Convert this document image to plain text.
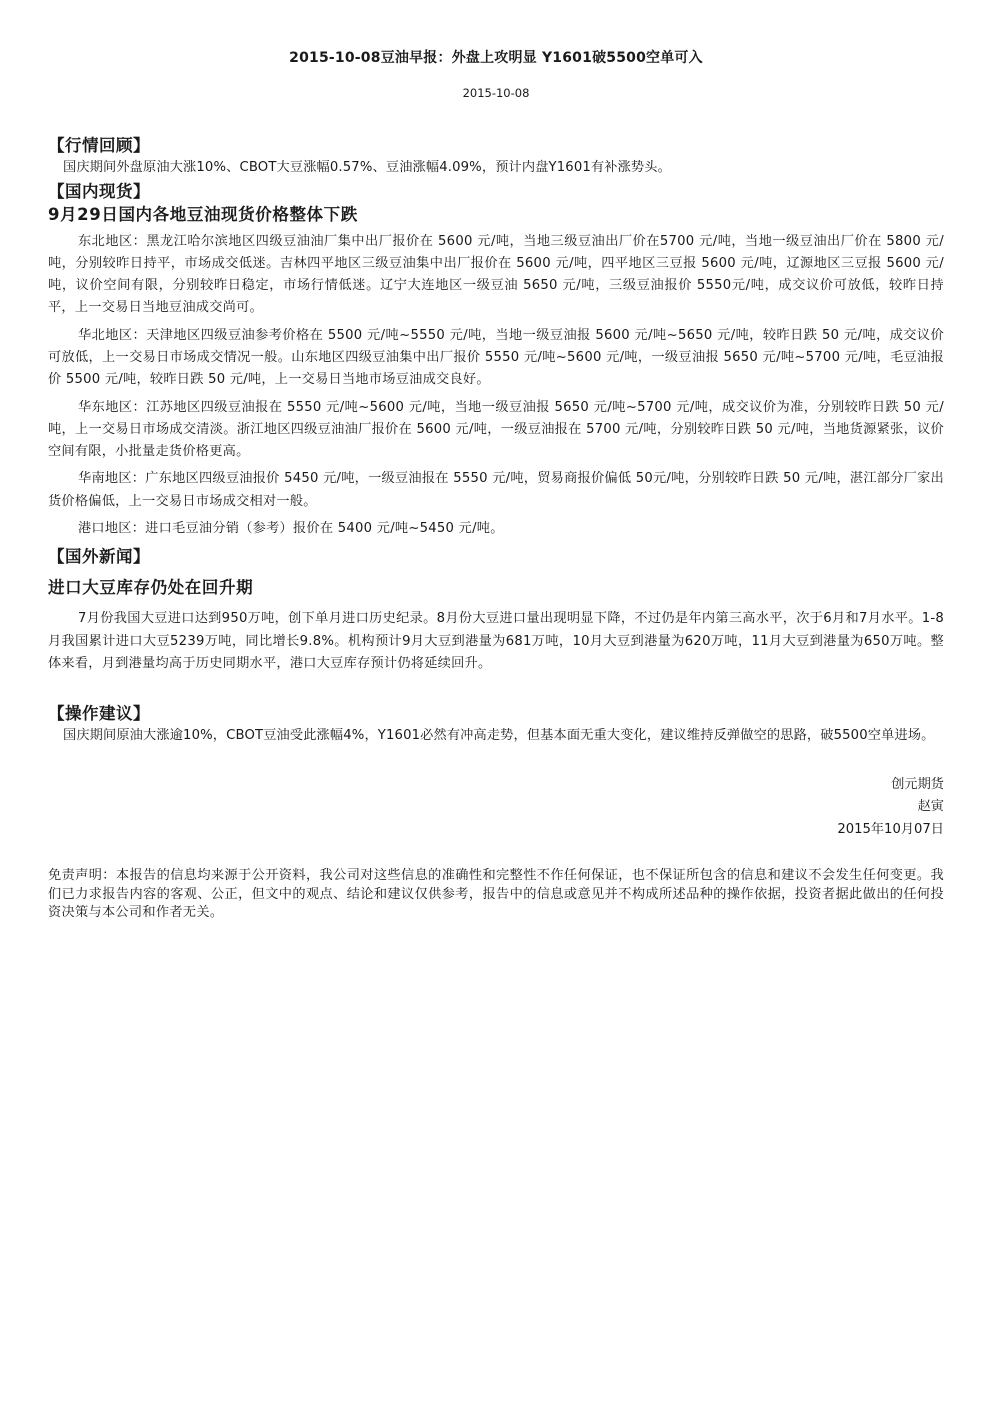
2015-10-08豆油早报：外盘上攻明显 Y1601破5500空单可入
2015-10-08
【行情回顾】

国庆期间外盘原油大涨10%、CBOT大豆涨幅0.57%、豆油涨幅4.09%，预计内盘Y1601有补涨势头。

【国内现货】
9月29日国内各地豆油现货价格整体下跌

东北地区：黑龙江哈尔滨地区四级豆油油厂集中出厂报价在 5600 元/吨，当地三级豆油出厂价在5700 元/吨，当地一级豆油出厂价在 5800 元/吨，分别较昨日持平，市场成交低迷。吉林四平地区三级豆油集中出厂报价在 5600 元/吨，四平地区三豆报 5600 元/吨，辽源地区三豆报 5600 元/吨，议价空间有限，分别较昨日稳定，市场行情低迷。辽宁大连地区一级豆油 5650 元/吨，三级豆油报价 5550元/吨，成交议价可放低，较昨日持平，上一交易日当地豆油成交尚可。

华北地区：天津地区四级豆油参考价格在 5500 元/吨~5550 元/吨，当地一级豆油报 5600 元/吨~5650 元/吨，较昨日跌 50 元/吨，成交议价可放低，上一交易日市场成交情况一般。山东地区四级豆油集中出厂报价 5550 元/吨~5600 元/吨，一级豆油报 5650 元/吨~5700 元/吨，毛豆油报价 5500 元/吨，较昨日跌 50 元/吨，上一交易日当地市场豆油成交良好。

华东地区：江苏地区四级豆油报在 5550 元/吨~5600 元/吨，当地一级豆油报 5650 元/吨~5700 元/吨，成交议价为准，分别较昨日跌 50 元/吨，上一交易日市场成交清淡。浙江地区四级豆油油厂报价在 5600 元/吨，一级豆油报在 5700 元/吨，分别较昨日跌 50 元/吨，当地货源紧张，议价空间有限，小批量走货价格更高。

华南地区：广东地区四级豆油报价 5450 元/吨，一级豆油报在 5550 元/吨，贸易商报价偏低 50元/吨，分别较昨日跌 50 元/吨，湛江部分厂家出货价格偏低，上一交易日市场成交相对一般。

港口地区：进口毛豆油分销（参考）报价在 5400 元/吨~5450 元/吨。

【国外新闻】
进口大豆库存仍处在回升期

7月份我国大豆进口达到950万吨，创下单月进口历史纪录。8月份大豆进口量出现明显下降，不过仍是年内第三高水平，次于6月和7月水平。1-8月我国累计进口大豆5239万吨，同比增长9.8%。机构预计9月大豆到港量为681万吨，10月大豆到港量为620万吨，11月大豆到港量为650万吨。整体来看，月到港量均高于历史同期水平，港口大豆库存预计仍将延续回升。

【操作建议】

国庆期间原油大涨逾10%，CBOT豆油受此涨幅4%，Y1601必然有冲高走势，但基本面无重大变化，建议维持反弹做空的思路，破5500空单进场。

创元期货

赵寅

2015年10月07日

免责声明：本报告的信息均来源于公开资料，我公司对这些信息的准确性和完整性不作任何保证，也不保证所包含的信息和建议不会发生任何变更。我们已力求报告内容的客观、公正，但文中的观点、结论和建议仅供参考，报告中的信息或意见并不构成所述品种的操作依据，投资者据此做出的任何投资决策与本公司和作者无关。
